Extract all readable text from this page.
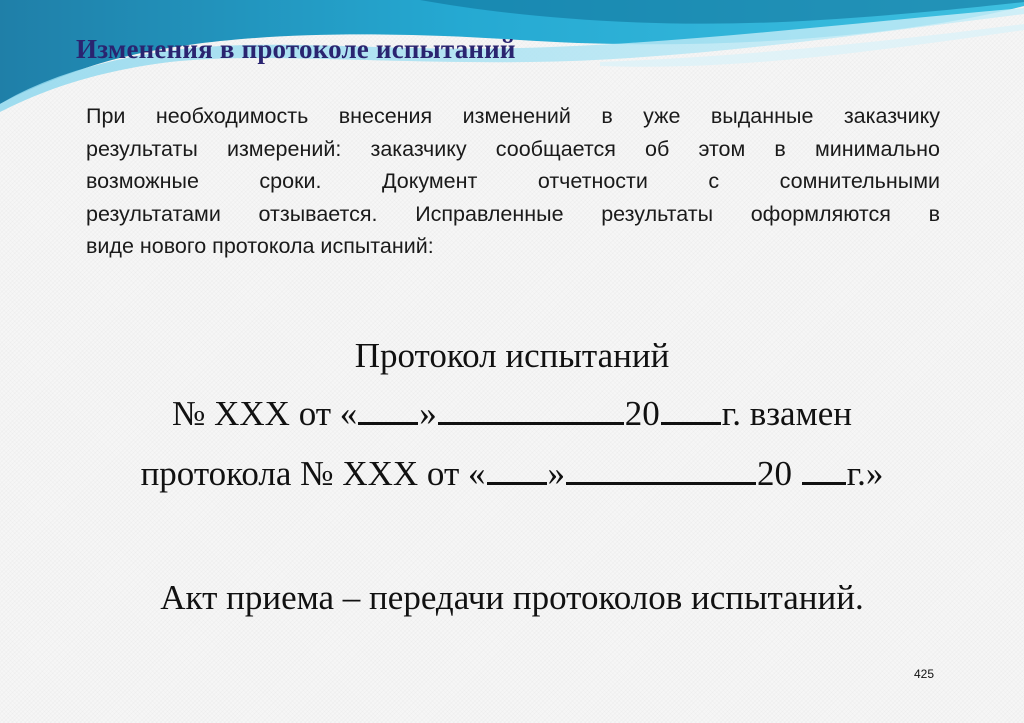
Изменения в протоколе испытаний
При необходимость внесения изменений в уже выданные заказчику
результаты измерений: заказчику сообщается об этом в минимально
возможные сроки. Документ отчетности с сомнительными
результатами отзывается. Исправленные результаты оформляются в
виде нового протокола испытаний:
Протокол испытаний
№ ХХХ от « »	20 г. взамен
протокола № ХХХ от « »	20 г.»
Акт приема – передачи протоколов испытаний.
425
